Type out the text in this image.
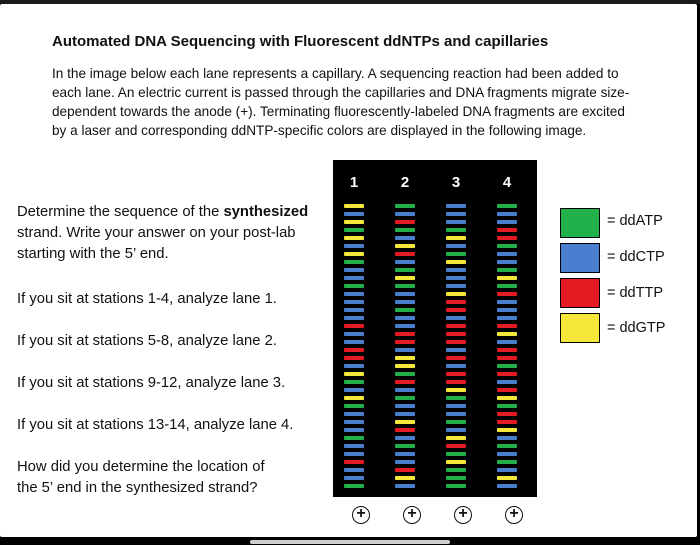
Automated DNA Sequencing with Fluorescent ddNTPs and capillaries
In the image below each lane represents a capillary. A sequencing reaction had been added to
each lane. An electric current is passed through the capillaries and DNA fragments migrate size-
dependent towards the anode (+). Terminating fluorescently-labeled DNA fragments are excited
by a laser and corresponding ddNTP-specific colors are displayed in the following image.
Determine the sequence of the synthesized
strand. Write your answer on your post-lab
starting with the 5’ end.
If you sit at stations 1-4, analyze lane 1.
If you sit at stations 5-8, analyze lane 2.
If you sit at stations 9-12, analyze lane 3.
If you sit at stations 13-14, analyze lane 4.
How did you determine the location of
the 5’ end in the synthesized strand?
1	2	3	4
+	+	+	+
= ddATP
= ddCTP
= ddTTP
= ddGTP
